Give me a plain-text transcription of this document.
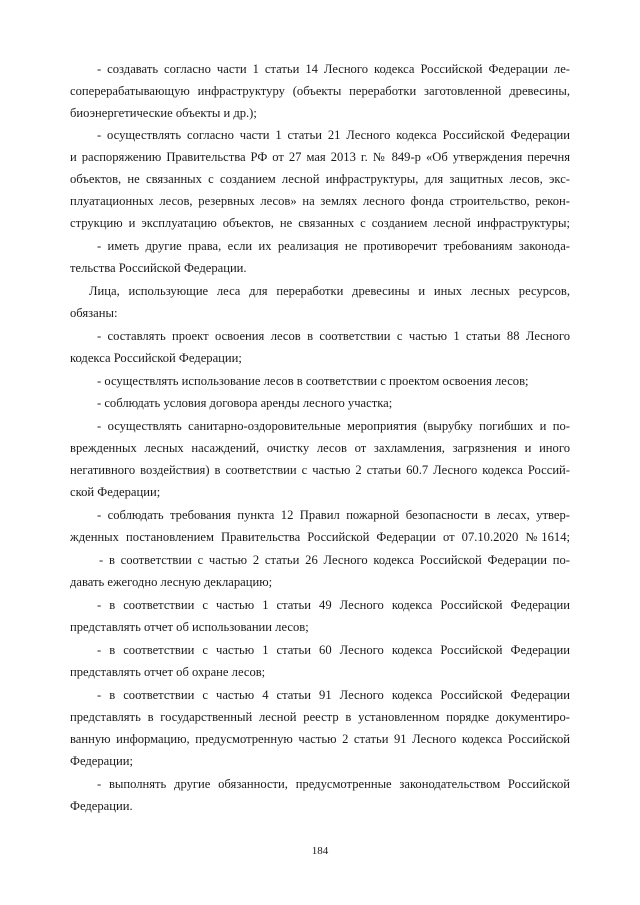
- создавать согласно части 1 статьи 14 Лесного кодекса Российской Федерации ле-
соперерабатывающую инфраструктуру (объекты переработки заготовленной древесины,
биоэнергетические объекты и др.);
- осуществлять согласно части 1 статьи 21 Лесного кодекса Российской Федерации
и распоряжению Правительства РФ от 27 мая 2013 г. № 849-р «Об утверждения перечня
объектов, не связанных с созданием лесной инфраструктуры, для защитных лесов, экс-
плуатационных лесов, резервных лесов» на землях лесного фонда строительство, рекон-
струкцию и эксплуатацию объектов, не связанных с созданием лесной инфраструктуры;
- иметь другие права, если их реализация не противоречит требованиям законода-
тельства Российской Федерации.
Лица, использующие леса для переработки древесины и иных лесных ресурсов,
обязаны:
- составлять проект освоения лесов в соответствии с частью 1 статьи 88 Лесного
кодекса Российской Федерации;
- осуществлять использование лесов в соответствии с проектом освоения лесов;
- соблюдать условия договора аренды лесного участка;
- осуществлять санитарно-оздоровительные мероприятия (вырубку погибших и по-
врежденных лесных насаждений, очистку лесов от захламления, загрязнения и иного
негативного воздействия) в соответствии с частью 2 статьи 60.7 Лесного кодекса Россий-
ской Федерации;
- соблюдать требования пункта 12 Правил пожарной безопасности в лесах, утвер-
жденных постановлением Правительства Российской Федерации от 07.10.2020 №1614;
- в соответствии с частью 2 статьи 26 Лесного кодекса Российской Федерации по-
давать ежегодно лесную декларацию;
- в соответствии с частью 1 статьи 49 Лесного кодекса Российской Федерации
представлять отчет об использовании лесов;
- в соответствии с частью 1 статьи 60 Лесного кодекса Российской Федерации
представлять отчет об охране лесов;
- в соответствии с частью 4 статьи 91 Лесного кодекса Российской Федерации
представлять в государственный лесной реестр в установленном порядке документиро-
ванную информацию, предусмотренную частью 2 статьи 91 Лесного кодекса Российской
Федерации;
- выполнять другие обязанности, предусмотренные законодательством Российской
Федерации.
184
